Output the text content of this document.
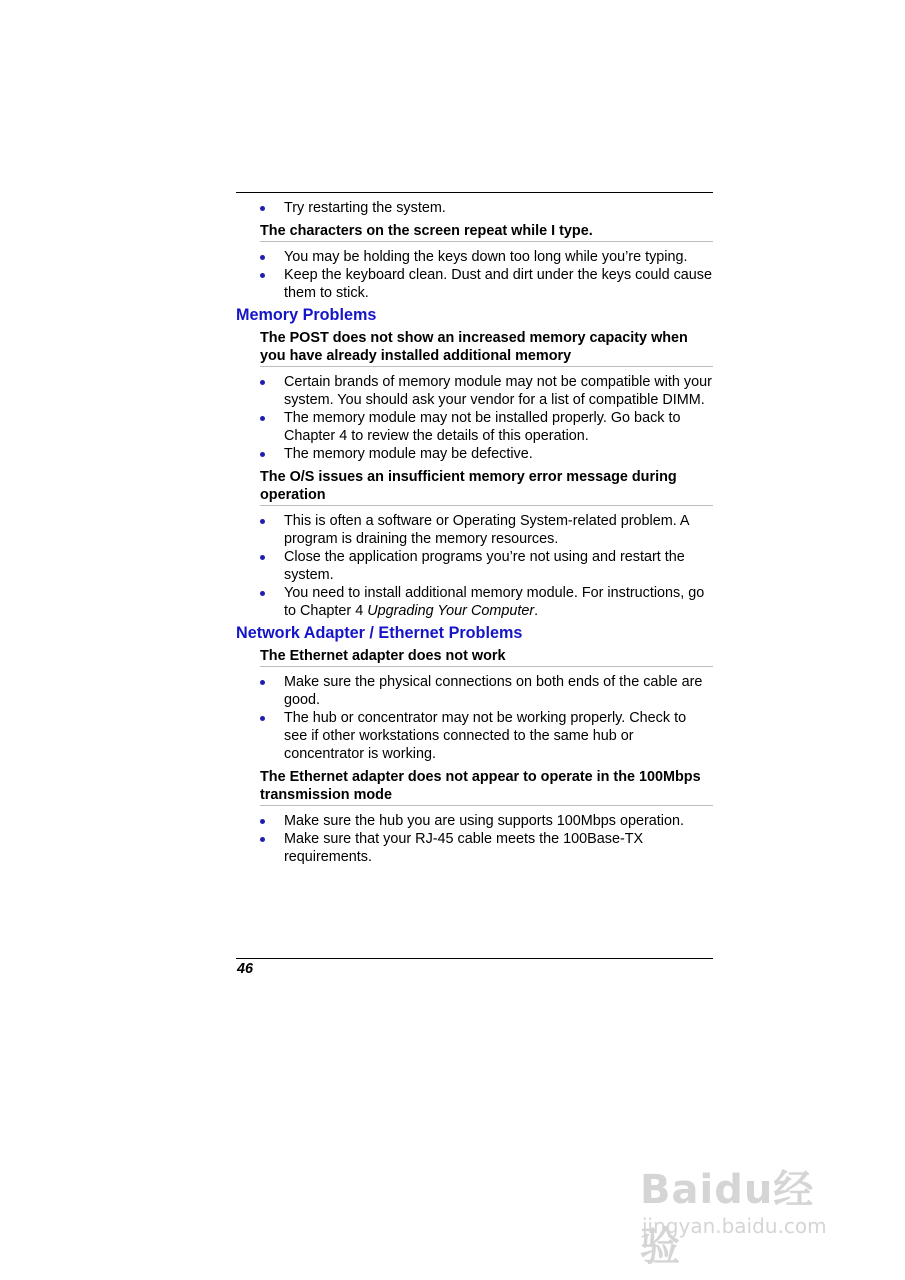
Try restarting the system.
The characters on the screen repeat while I type.
You may be holding the keys down too long while you’re typing.
Keep the keyboard clean. Dust and dirt under the keys could cause them to stick.
Memory Problems
The POST does not show an increased memory capacity when you have already installed additional memory
Certain brands of memory module may not be compatible with your system. You should ask your vendor for a list of compatible DIMM.
The memory module may not be installed properly. Go back to Chapter 4 to review the details of this operation.
The memory module may be defective.
The O/S issues an insufficient memory error message during operation
This is often a software or Operating System-related problem. A program is draining the memory resources.
Close the application programs you’re not using and restart the system.
You need to install additional memory module. For instructions, go to Chapter 4 Upgrading Your Computer.
Network Adapter / Ethernet Problems
The Ethernet adapter does not work
Make sure the physical connections on both ends of the cable are good.
The hub or concentrator may not be working properly. Check to see if other workstations connected to the same hub or concentrator is working.
The Ethernet adapter does not appear to operate in the 100Mbps transmission mode
Make sure the hub you are using supports 100Mbps operation.
Make sure that your RJ-45 cable meets the 100Base-TX requirements.
46
Baidu经验
jingyan.baidu.com
